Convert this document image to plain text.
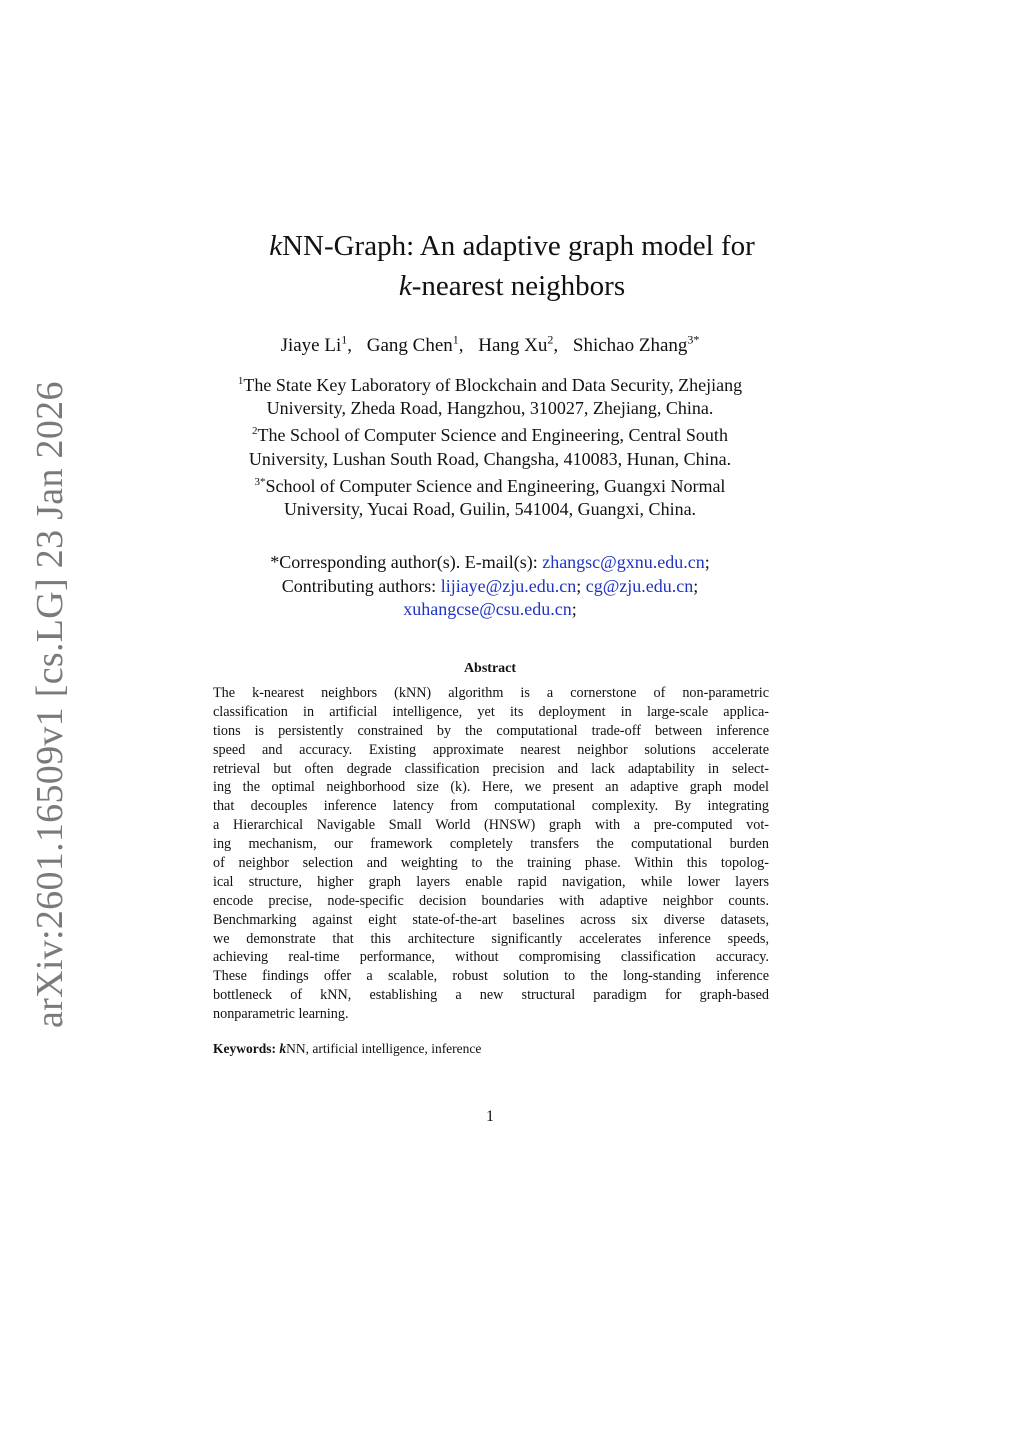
arXiv:2601.16509v1 [cs.LG] 23 Jan 2026
kNN-Graph: An adaptive graph model for
k-nearest neighbors
Jiaye Li$^1$, Gang Chen$^1$, Hang Xu$^2$, Shichao Zhang$^{3*}$
$^1$The State Key Laboratory of Blockchain and Data Security, Zhejiang
University, Zheda Road, Hangzhou, 310027, Zhejiang, China.
$^2$The School of Computer Science and Engineering, Central South
University, Lushan South Road, Changsha, 410083, Hunan, China.
$^{3*}$School of Computer Science and Engineering, Guangxi Normal
University, Yucai Road, Guilin, 541004, Guangxi, China.
*Corresponding author(s). E-mail(s): zhangsc@gxnu.edu.cn;
Contributing authors: lijiaye@zju.edu.cn; cg@zju.edu.cn;
xuhangcse@csu.edu.cn;
Abstract
The k-nearest neighbors (kNN) algorithm is a cornerstone of non-parametric
classification in artificial intelligence, yet its deployment in large-scale applica-
tions is persistently constrained by the computational trade-off between inference
speed and accuracy. Existing approximate nearest neighbor solutions accelerate
retrieval but often degrade classification precision and lack adaptability in select-
ing the optimal neighborhood size (k). Here, we present an adaptive graph model
that decouples inference latency from computational complexity. By integrating
a Hierarchical Navigable Small World (HNSW) graph with a pre-computed vot-
ing mechanism, our framework completely transfers the computational burden
of neighbor selection and weighting to the training phase. Within this topolog-
ical structure, higher graph layers enable rapid navigation, while lower layers
encode precise, node-specific decision boundaries with adaptive neighbor counts.
Benchmarking against eight state-of-the-art baselines across six diverse datasets,
we demonstrate that this architecture significantly accelerates inference speeds,
achieving real-time performance, without compromising classification accuracy.
These findings offer a scalable, robust solution to the long-standing inference
bottleneck of kNN, establishing a new structural paradigm for graph-based
nonparametric learning.
Keywords: kNN, artificial intelligence, inference
1
